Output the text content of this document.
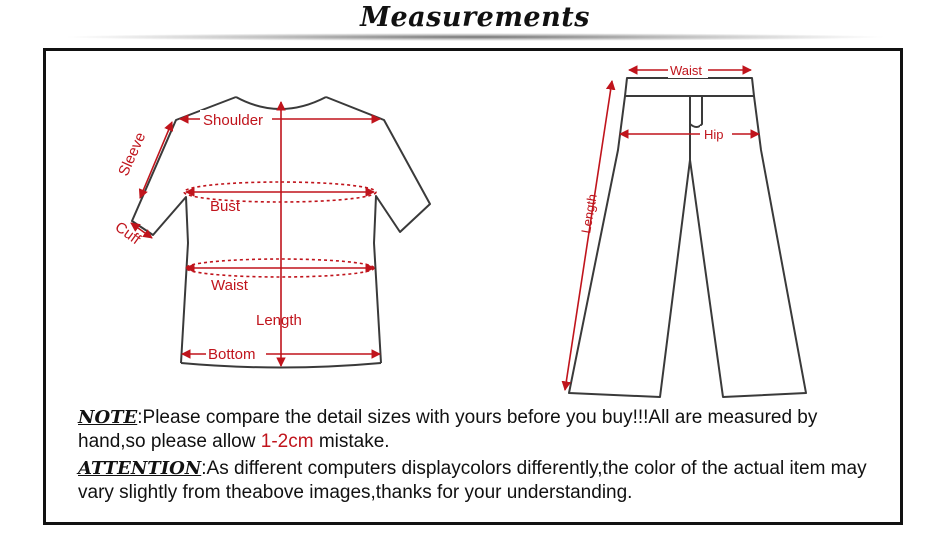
Measurements
Shoulder
Bust
Waist
Length
Bottom
Sleeve
Cuff
Waist
Hip
Length

NOTE:Please compare the detail sizes with yours before you buy!!!All are measured by hand,so please allow 1-2cm mistake.

ATTENTION:As different computers displaycolors differently,the color of the actual item may vary slightly from theabove images,thanks for your understanding.
